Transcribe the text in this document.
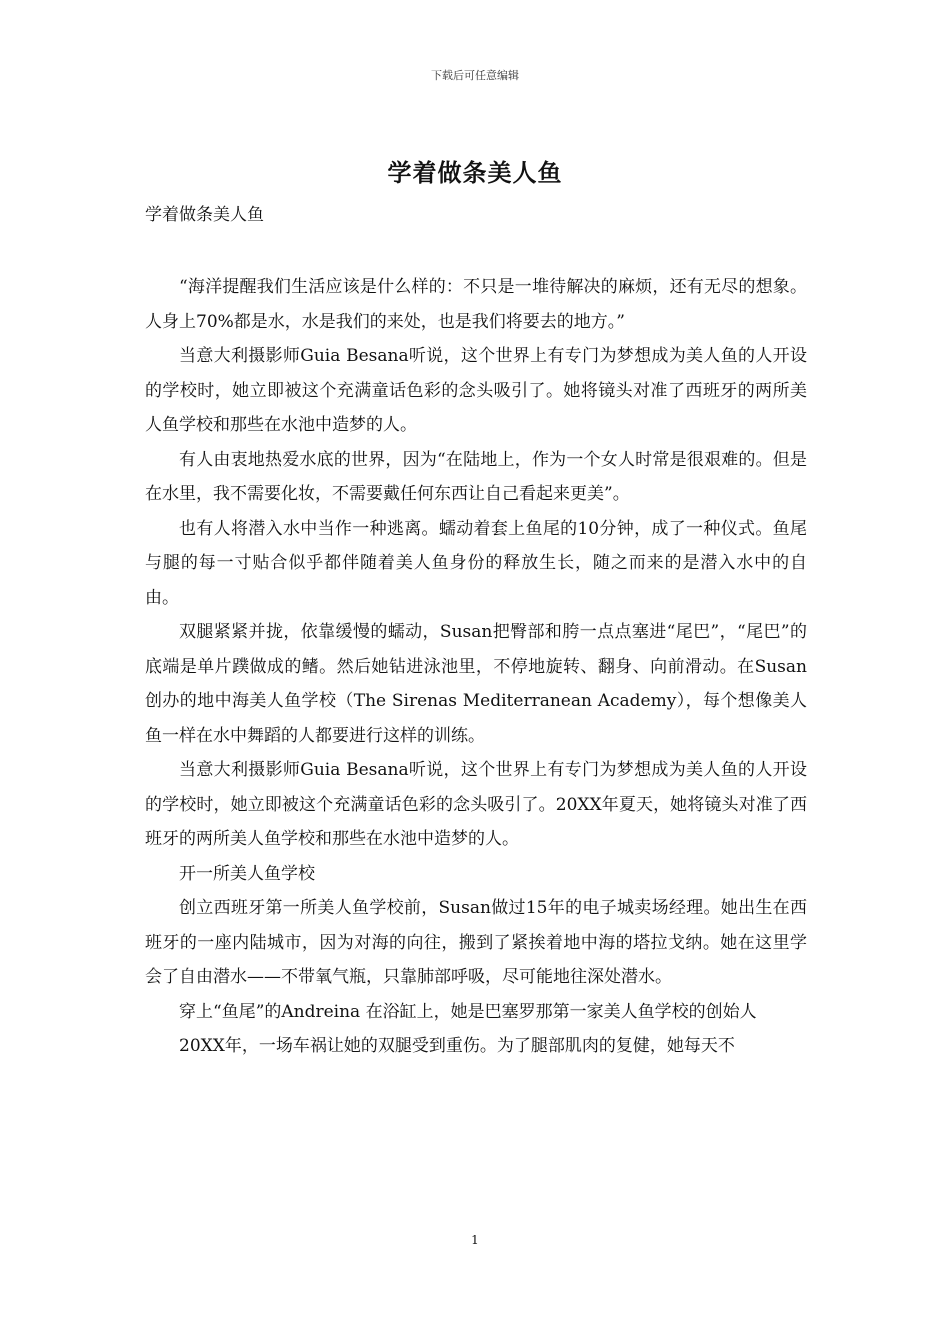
下载后可任意编辑
学着做条美人鱼
学着做条美人鱼

“海洋提醒我们生活应该是什么样的：不只是一堆待解决的麻烦，还有无尽的想象。人身上70%都是水，水是我们的来处，也是我们将要去的地方。”

当意大利摄影师Guia Besana听说，这个世界上有专门为梦想成为美人鱼的人开设的学校时，她立即被这个充满童话色彩的念头吸引了。她将镜头对准了西班牙的两所美人鱼学校和那些在水池中造梦的人。

有人由衷地热爱水底的世界，因为“在陆地上，作为一个女人时常是很艰难的。但是在水里，我不需要化妆，不需要戴任何东西让自己看起来更美”。

也有人将潜入水中当作一种逃离。蠕动着套上鱼尾的10分钟，成了一种仪式。鱼尾与腿的每一寸贴合似乎都伴随着美人鱼身份的释放生长，随之而来的是潜入水中的自由。

双腿紧紧并拢，依靠缓慢的蠕动，Susan把臀部和胯一点点塞进“尾巴”，“尾巴”的底端是单片蹼做成的鳍。然后她钻进泳池里，不停地旋转、翻身、向前滑动。在Susan创办的地中海美人鱼学校（The Sirenas Mediterranean Academy），每个想像美人鱼一样在水中舞蹈的人都要进行这样的训练。

当意大利摄影师Guia Besana听说，这个世界上有专门为梦想成为美人鱼的人开设的学校时，她立即被这个充满童话色彩的念头吸引了。20XX年夏天，她将镜头对准了西班牙的两所美人鱼学校和那些在水池中造梦的人。

开一所美人鱼学校

创立西班牙第一所美人鱼学校前，Susan做过15年的电子城卖场经理。她出生在西班牙的一座内陆城市，因为对海的向往，搬到了紧挨着地中海的塔拉戈纳。她在这里学会了自由潜水——不带氧气瓶，只靠肺部呼吸，尽可能地往深处潜水。

穿上“鱼尾”的Andreina 在浴缸上，她是巴塞罗那第一家美人鱼学校的创始人

20XX年，一场车祸让她的双腿受到重伤。为了腿部肌肉的复健，她每天不

1
